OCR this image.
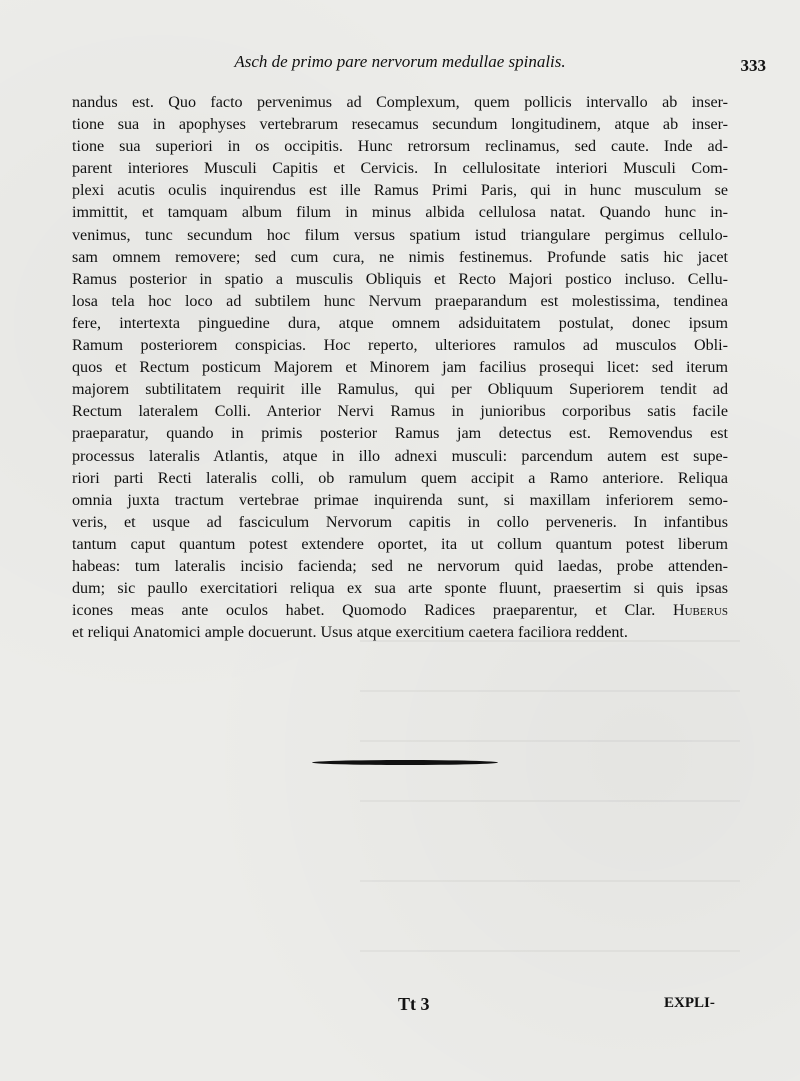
Asch de primo pare nervorum medullae spinalis.	333
nandus est. Quo facto pervenimus ad Complexum, quem pollicis intervallo ab inser-
tione sua in apophyses vertebrarum resecamus secundum longitudinem, atque ab inser-
tione sua superiori in os occipitis. Hunc retrorsum reclinamus, sed caute. Inde ad-
parent interiores Musculi Capitis et Cervicis. In cellulositate interiori Musculi Com-
plexi acutis oculis inquirendus est ille Ramus Primi Paris, qui in hunc musculum se
immittit, et tamquam album filum in minus albida cellulosa natat. Quando hunc in-
venimus, tunc secundum hoc filum versus spatium istud triangulare pergimus cellulo-
sam omnem removere; sed cum cura, ne nimis festinemus. Profunde satis hic jacet
Ramus posterior in spatio a musculis Obliquis et Recto Majori postico incluso. Cellu-
losa tela hoc loco ad subtilem hunc Nervum praeparandum est molestissima, tendinea
fere, intertexta pinguedine dura, atque omnem adsiduitatem postulat, donec ipsum
Ramum posteriorem conspicias. Hoc reperto, ulteriores ramulos ad musculos Obli-
quos et Rectum posticum Majorem et Minorem jam facilius prosequi licet: sed iterum
majorem subtilitatem requirit ille Ramulus, qui per Obliquum Superiorem tendit ad
Rectum lateralem Colli. Anterior Nervi Ramus in junioribus corporibus satis facile
praeparatur, quando in primis posterior Ramus jam detectus est. Removendus est
processus lateralis Atlantis, atque in illo adnexi musculi: parcendum autem est supe-
riori parti Recti lateralis colli, ob ramulum quem accipit a Ramo anteriore. Reliqua
omnia juxta tractum vertebrae primae inquirenda sunt, si maxillam inferiorem semo-
veris, et usque ad fasciculum Nervorum capitis in collo perveneris. In infantibus
tantum caput quantum potest extendere oportet, ita ut collum quantum potest liberum
habeas: tum lateralis incisio facienda; sed ne nervorum quid laedas, probe attenden-
dum; sic paullo exercitatiori reliqua ex sua arte sponte fluunt, praesertim si quis ipsas
icones meas ante oculos habet. Quomodo Radices praeparentur, et Clar. Huberus
et reliqui Anatomici ample docuerunt. Usus atque exercitium caetera faciliora reddent.
Tt 3	EXPLI-
